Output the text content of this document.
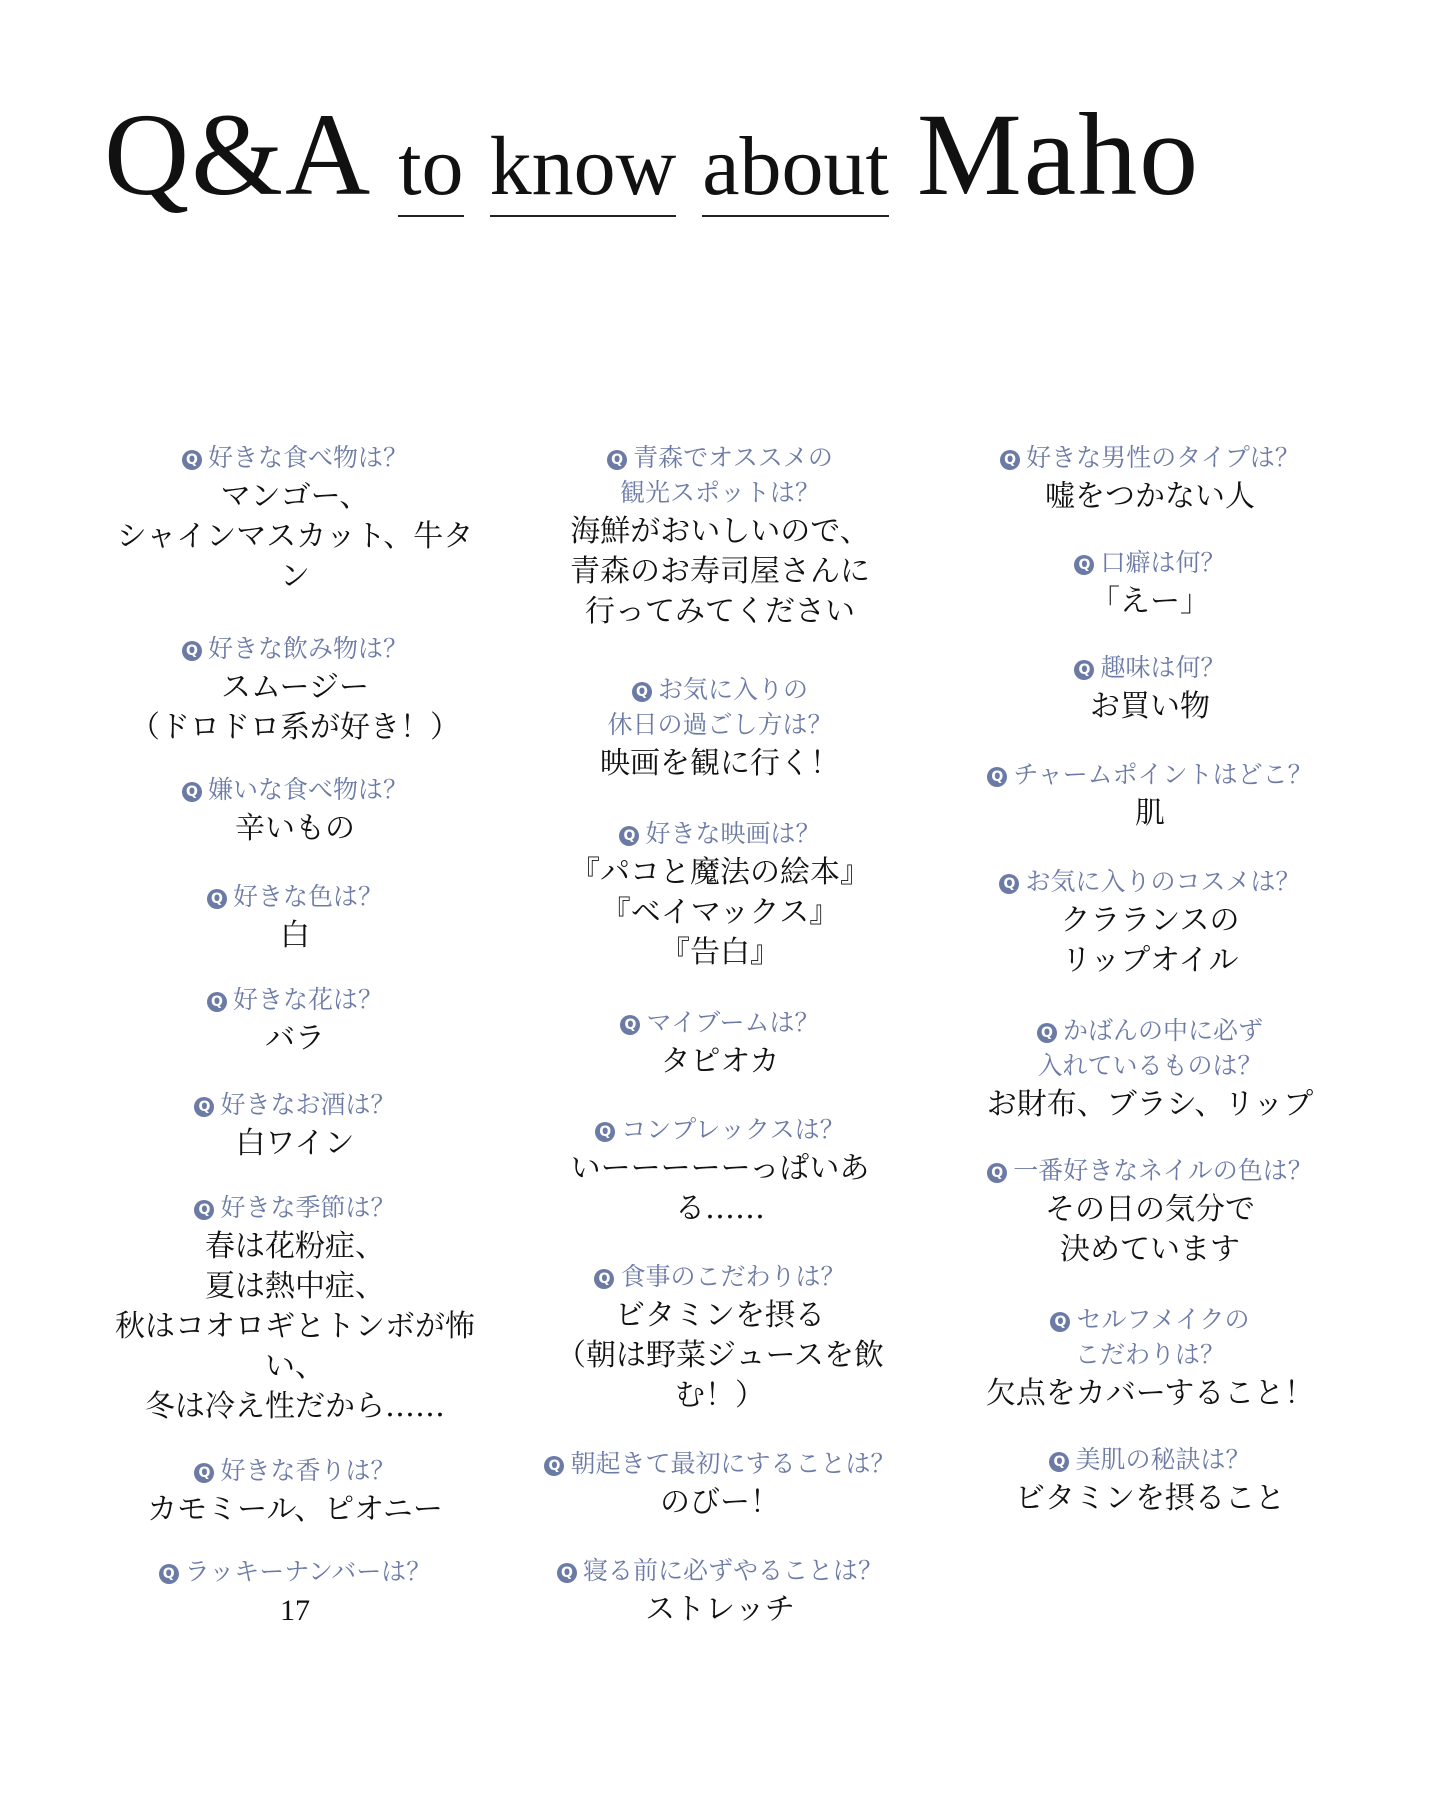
Q&A to know about Maho
Q 好きな食べ物は？
マンゴー、
シャインマスカット、牛タン
Q 好きな飲み物は？
スムージー
（ドロドロ系が好き！）
Q 嫌いな食べ物は？
辛いもの
Q 好きな色は？
白
Q 好きな花は？
バラ
Q 好きなお酒は？
白ワイン
Q 好きな季節は？
春は花粉症、
夏は熱中症、
秋はコオロギとトンボが怖い、
冬は冷え性だから……
Q 好きな香りは？
カモミール、ピオニー
Q ラッキーナンバーは？
17
Q 青森でオススメの
観光スポットは？
海鮮がおいしいので、
青森のお寿司屋さんに
行ってみてください
Q お気に入りの
休日の過ごし方は？
映画を観に行く！
Q 好きな映画は？
『パコと魔法の絵本』
『ベイマックス』
『告白』
Q マイブームは？
タピオカ
Q コンプレックスは？
いーーーーーっぱいある……
Q 食事のこだわりは？
ビタミンを摂る
（朝は野菜ジュースを飲む！）
Q 朝起きて最初にすることは？
のびー！
Q 寝る前に必ずやることは？
ストレッチ
Q 好きな男性のタイプは？
嘘をつかない人
Q 口癖は何？
「えー」
Q 趣味は何？
お買い物
Q チャームポイントはどこ？
肌
Q お気に入りのコスメは？
クラランスの
リップオイル
Q かばんの中に必ず
入れているものは？
お財布、ブラシ、リップ
Q 一番好きなネイルの色は？
その日の気分で
決めています
Q セルフメイクの
こだわりは？
欠点をカバーすること！
Q 美肌の秘訣は？
ビタミンを摂ること
